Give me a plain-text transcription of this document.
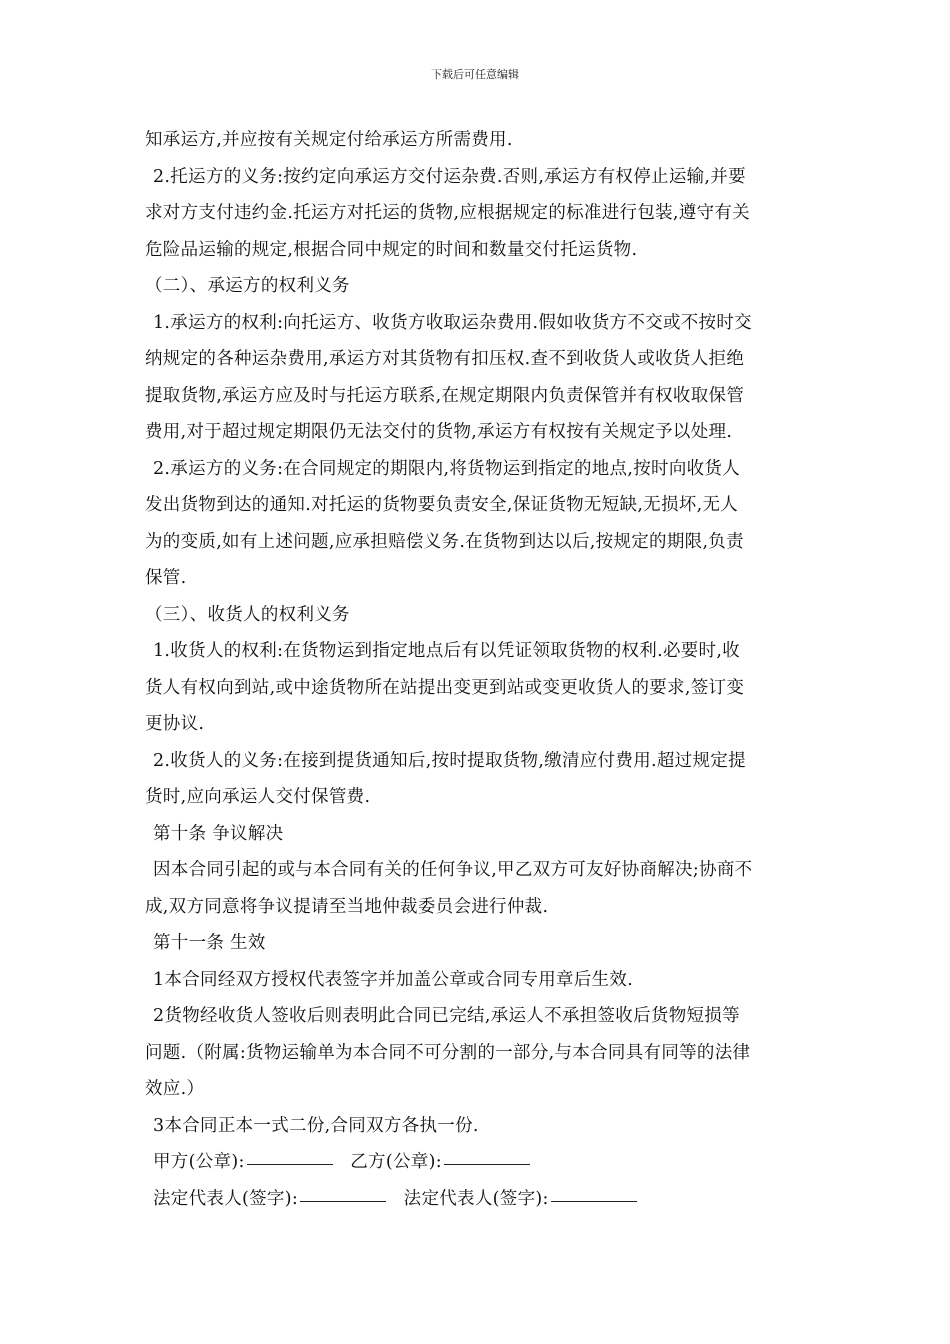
下载后可任意编辑
知承运方,并应按有关规定付给承运方所需费用.
2.托运方的义务:按约定向承运方交付运杂费.否则,承运方有权停止运输,并要
求对方支付违约金.托运方对托运的货物,应根据规定的标准进行包装,遵守有关
危险品运输的规定,根据合同中规定的时间和数量交付托运货物.
（二）、承运方的权利义务
1.承运方的权利:向托运方、收货方收取运杂费用.假如收货方不交或不按时交
纳规定的各种运杂费用,承运方对其货物有扣压权.查不到收货人或收货人拒绝
提取货物,承运方应及时与托运方联系,在规定期限内负责保管并有权收取保管
费用,对于超过规定期限仍无法交付的货物,承运方有权按有关规定予以处理.
2.承运方的义务:在合同规定的期限内,将货物运到指定的地点,按时向收货人
发出货物到达的通知.对托运的货物要负责安全,保证货物无短缺,无损坏,无人
为的变质,如有上述问题,应承担赔偿义务.在货物到达以后,按规定的期限,负责
保管.
（三）、收货人的权利义务
1.收货人的权利:在货物运到指定地点后有以凭证领取货物的权利.必要时,收
货人有权向到站,或中途货物所在站提出变更到站或变更收货人的要求,签订变
更协议.
2.收货人的义务:在接到提货通知后,按时提取货物,缴清应付费用.超过规定提
货时,应向承运人交付保管费.
第十条 争议解决
因本合同引起的或与本合同有关的任何争议,甲乙双方可友好协商解决;协商不
成,双方同意将争议提请至当地仲裁委员会进行仲裁.
第十一条 生效
1本合同经双方授权代表签字并加盖公章或合同专用章后生效.
2货物经收货人签收后则表明此合同已完结,承运人不承担签收后货物短损等
问题.（附属:货物运输单为本合同不可分割的一部分,与本合同具有同等的法律
效应.）
3本合同正本一式二份,合同双方各执一份.
甲方(公章):	乙方(公章):
法定代表人(签字):	法定代表人(签字):
